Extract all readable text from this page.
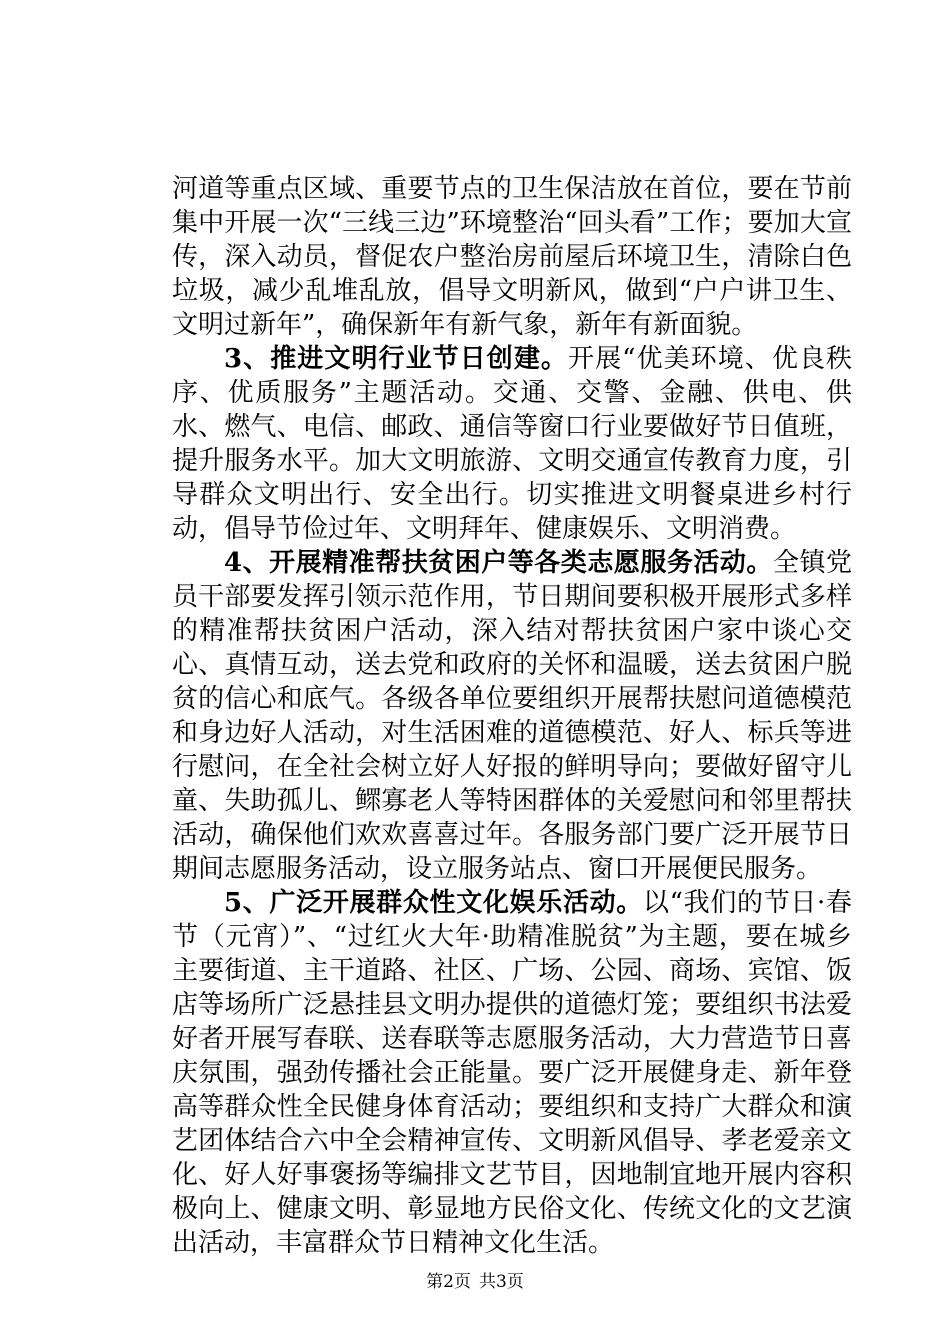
河道等重点区域、重要节点的卫生保洁放在首位，要在节前集中开展一次“三线三边”环境整治“回头看”工作；要加大宣传，深入动员，督促农户整治房前屋后环境卫生，清除白色垃圾，减少乱堆乱放，倡导文明新风，做到“户户讲卫生、文明过新年”，确保新年有新气象，新年有新面貌。

3、推进文明行业节日创建。开展“优美环境、优良秩序、优质服务”主题活动。交通、交警、金融、供电、供水、燃气、电信、邮政、通信等窗口行业要做好节日值班，提升服务水平。加大文明旅游、文明交通宣传教育力度，引导群众文明出行、安全出行。切实推进文明餐桌进乡村行动，倡导节俭过年、文明拜年、健康娱乐、文明消费。

4、开展精准帮扶贫困户等各类志愿服务活动。全镇党员干部要发挥引领示范作用，节日期间要积极开展形式多样的精准帮扶贫困户活动，深入结对帮扶贫困户家中谈心交心、真情互动，送去党和政府的关怀和温暖，送去贫困户脱贫的信心和底气。各级各单位要组织开展帮扶慰问道德模范和身边好人活动，对生活困难的道德模范、好人、标兵等进行慰问，在全社会树立好人好报的鲜明导向；要做好留守儿童、失助孤儿、鳏寡老人等特困群体的关爱慰问和邻里帮扶活动，确保他们欢欢喜喜过年。各服务部门要广泛开展节日期间志愿服务活动，设立服务站点、窗口开展便民服务。

5、广泛开展群众性文化娱乐活动。以“我们的节日·春节（元宵）”、“过红火大年·助精准脱贫”为主题，要在城乡主要街道、主干道路、社区、广场、公园、商场、宾馆、饭店等场所广泛悬挂县文明办提供的道德灯笼；要组织书法爱好者开展写春联、送春联等志愿服务活动，大力营造节日喜庆氛围，强劲传播社会正能量。要广泛开展健身走、新年登高等群众性全民健身体育活动；要组织和支持广大群众和演艺团体结合六中全会精神宣传、文明新风倡导、孝老爱亲文化、好人好事褒扬等编排文艺节目，因地制宜地开展内容积极向上、健康文明、彰显地方民俗文化、传统文化的文艺演出活动，丰富群众节日精神文化生活。

第2页 共3页
